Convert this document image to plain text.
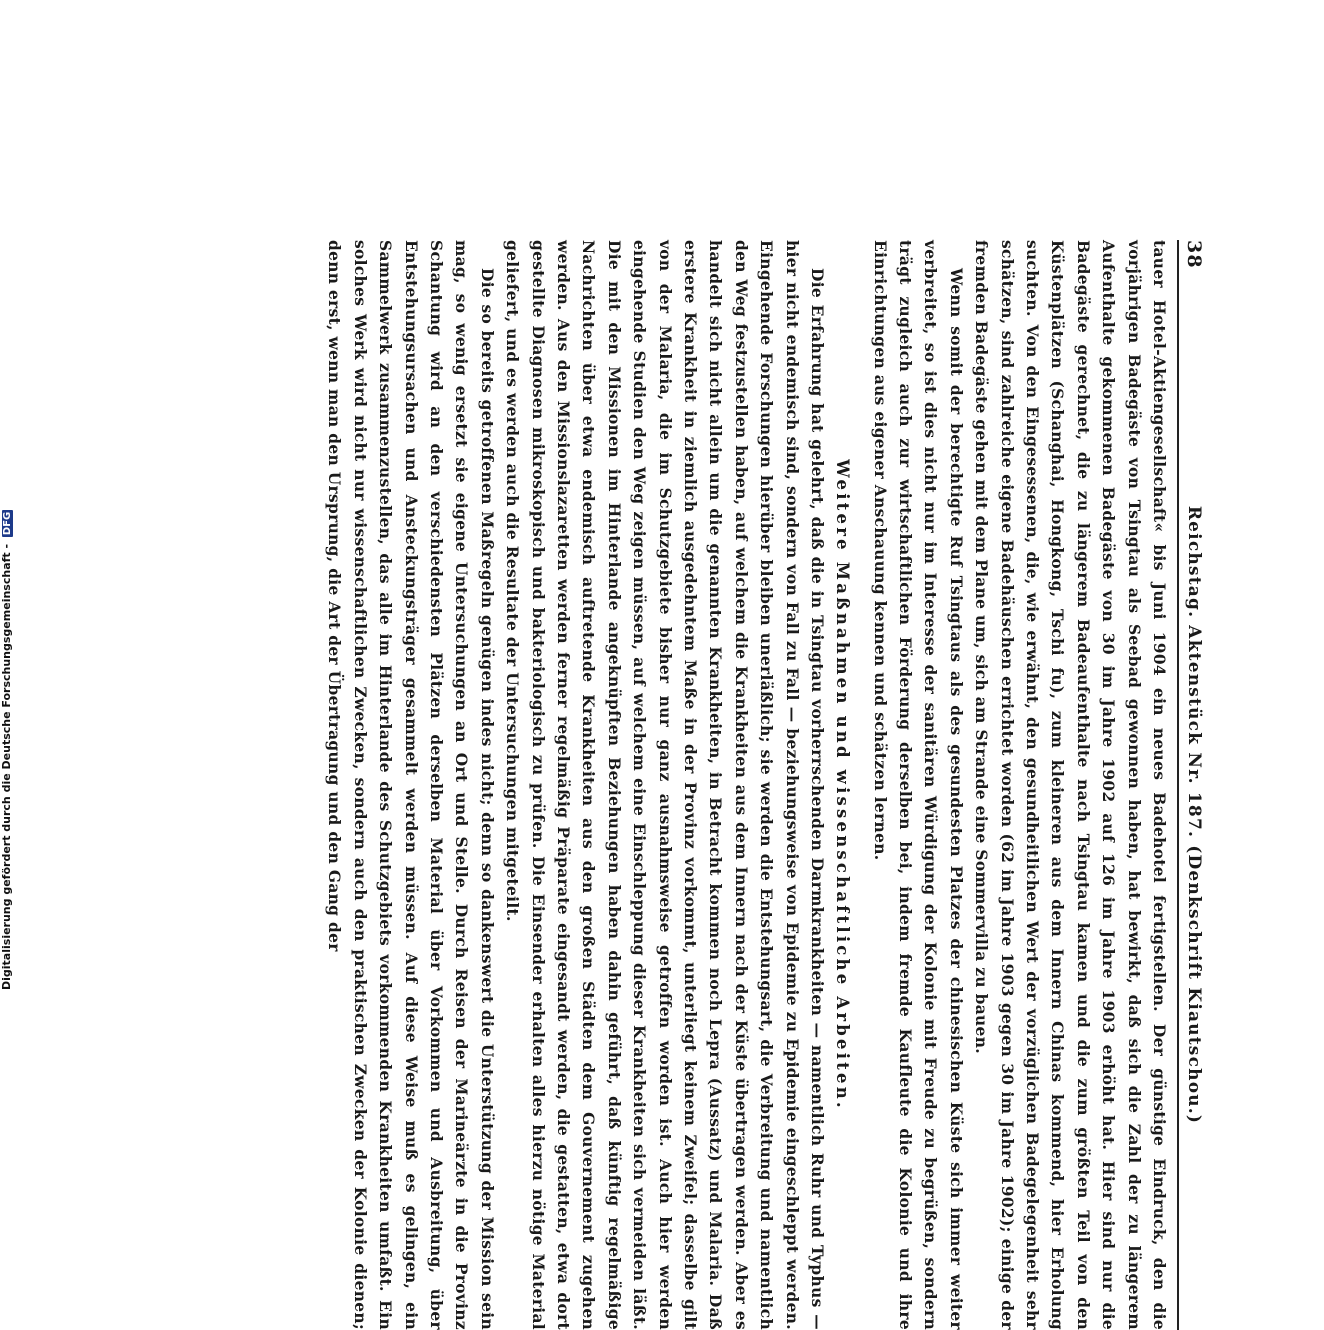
38
Reichstag. Aktenstück Nr. 187. (Denkschrift Kiautschou.)

tauer Hotel-Aktiengesellschaft« bis Juni 1904 ein neues Badehotel fertigstellen. Der günstige Eindruck, den die vorjährigen Badegäste von Tsingtau als Seebad gewonnen haben, hat bewirkt, daß sich die Zahl der zu längerem Aufenthalte gekommenen Badegäste von 30 im Jahre 1902 auf 126 im Jahre 1903 erhöht hat. Hier sind nur die Badegäste gerechnet, die zu längerem Badeaufenthalte nach Tsingtau kamen und die zum größten Teil von den Küstenplätzen (Schanghai, Hongkong, Tschi fu), zum kleineren aus dem Innern Chinas kommend, hier Erholung suchten. Von den Eingesessenen, die, wie erwähnt, den gesundheitlichen Wert der vorzüglichen Badegelegenheit sehr schätzen, sind zahlreiche eigene Badehäuschen errichtet worden (62 im Jahre 1903 gegen 30 im Jahre 1902); einige der fremden Badegäste gehen mit dem Plane um, sich am Strande eine Sommervilla zu bauen.

Wenn somit der berechtigte Ruf Tsingtaus als des gesundesten Platzes der chinesischen Küste sich immer weiter verbreitet, so ist dies nicht nur im Interesse der sanitären Würdigung der Kolonie mit Freude zu begrüßen, sondern trägt zugleich auch zur wirtschaftlichen Förderung derselben bei, indem fremde Kaufleute die Kolonie und ihre Einrichtungen aus eigener Anschauung kennen und schätzen lernen.

Weitere Maßnahmen und wissenschaftliche Arbeiten.

Die Erfahrung hat gelehrt, daß die in Tsingtau vorherrschenden Darmkrankheiten — namentlich Ruhr und Typhus — hier nicht endemisch sind, sondern von Fall zu Fall — beziehungsweise von Epidemie zu Epidemie eingeschleppt werden. Eingehende Forschungen hierüber bleiben unerläßlich; sie werden die Entstehungsart, die Verbreitung und namentlich den Weg festzustellen haben, auf welchem die Krankheiten aus dem Innern nach der Küste übertragen werden. Aber es handelt sich nicht allein um die genannten Krankheiten, in Betracht kommen noch Lepra (Aussatz) und Malaria. Daß erstere Krankheit in ziemlich ausgedehntem Maße in der Provinz vorkommt, unterliegt keinem Zweifel; dasselbe gilt von der Malaria, die im Schutzgebiete bisher nur ganz ausnahmsweise getroffen worden ist. Auch hier werden eingehende Studien den Weg zeigen müssen, auf welchem eine Einschleppung dieser Krankheiten sich vermeiden läßt. Die mit den Missionen im Hinterlande angeknüpften Beziehungen haben dahin geführt, daß künftig regelmäßige Nachrichten über etwa endemisch auftretende Krankheiten aus den großen Städten dem Gouvernement zugehen werden. Aus den Missionslazaretten werden ferner regelmäßig Präparate eingesandt werden, die gestatten, etwa dort gestellte Diagnosen mikroskopisch und bakteriologisch zu prüfen. Die Einsender erhalten alles hierzu nötige Material geliefert, und es werden auch die Resultate der Untersuchungen mitgeteilt.

Die so bereits getroffenen Maßregeln genügen indes nicht; denn so dankenswert die Unterstützung der Mission sein mag, so wenig ersetzt sie eigene Untersuchungen an Ort und Stelle. Durch Reisen der Marineärzte in die Provinz Schantung wird an den verschiedensten Plätzen derselben Material über Vorkommen und Ausbreitung, über Entstehungsursachen und Ansteckungsträger gesammelt werden müssen. Auf diese Weise muß es gelingen, ein Sammelwerk zusammenzustellen, das alle im Hinterlande des Schutzgebiets vorkommenden Krankheiten umfaßt. Ein solches Werk wird nicht nur wissenschaftlichen Zwecken, sondern auch den praktischen Zwecken der Kolonie dienen; denn erst, wenn man den Ursprung, die Art der Übertragung und den Gang der

Digitalisierung gefördert durch die Deutsche Forschungsgemeinschaft - DFG
